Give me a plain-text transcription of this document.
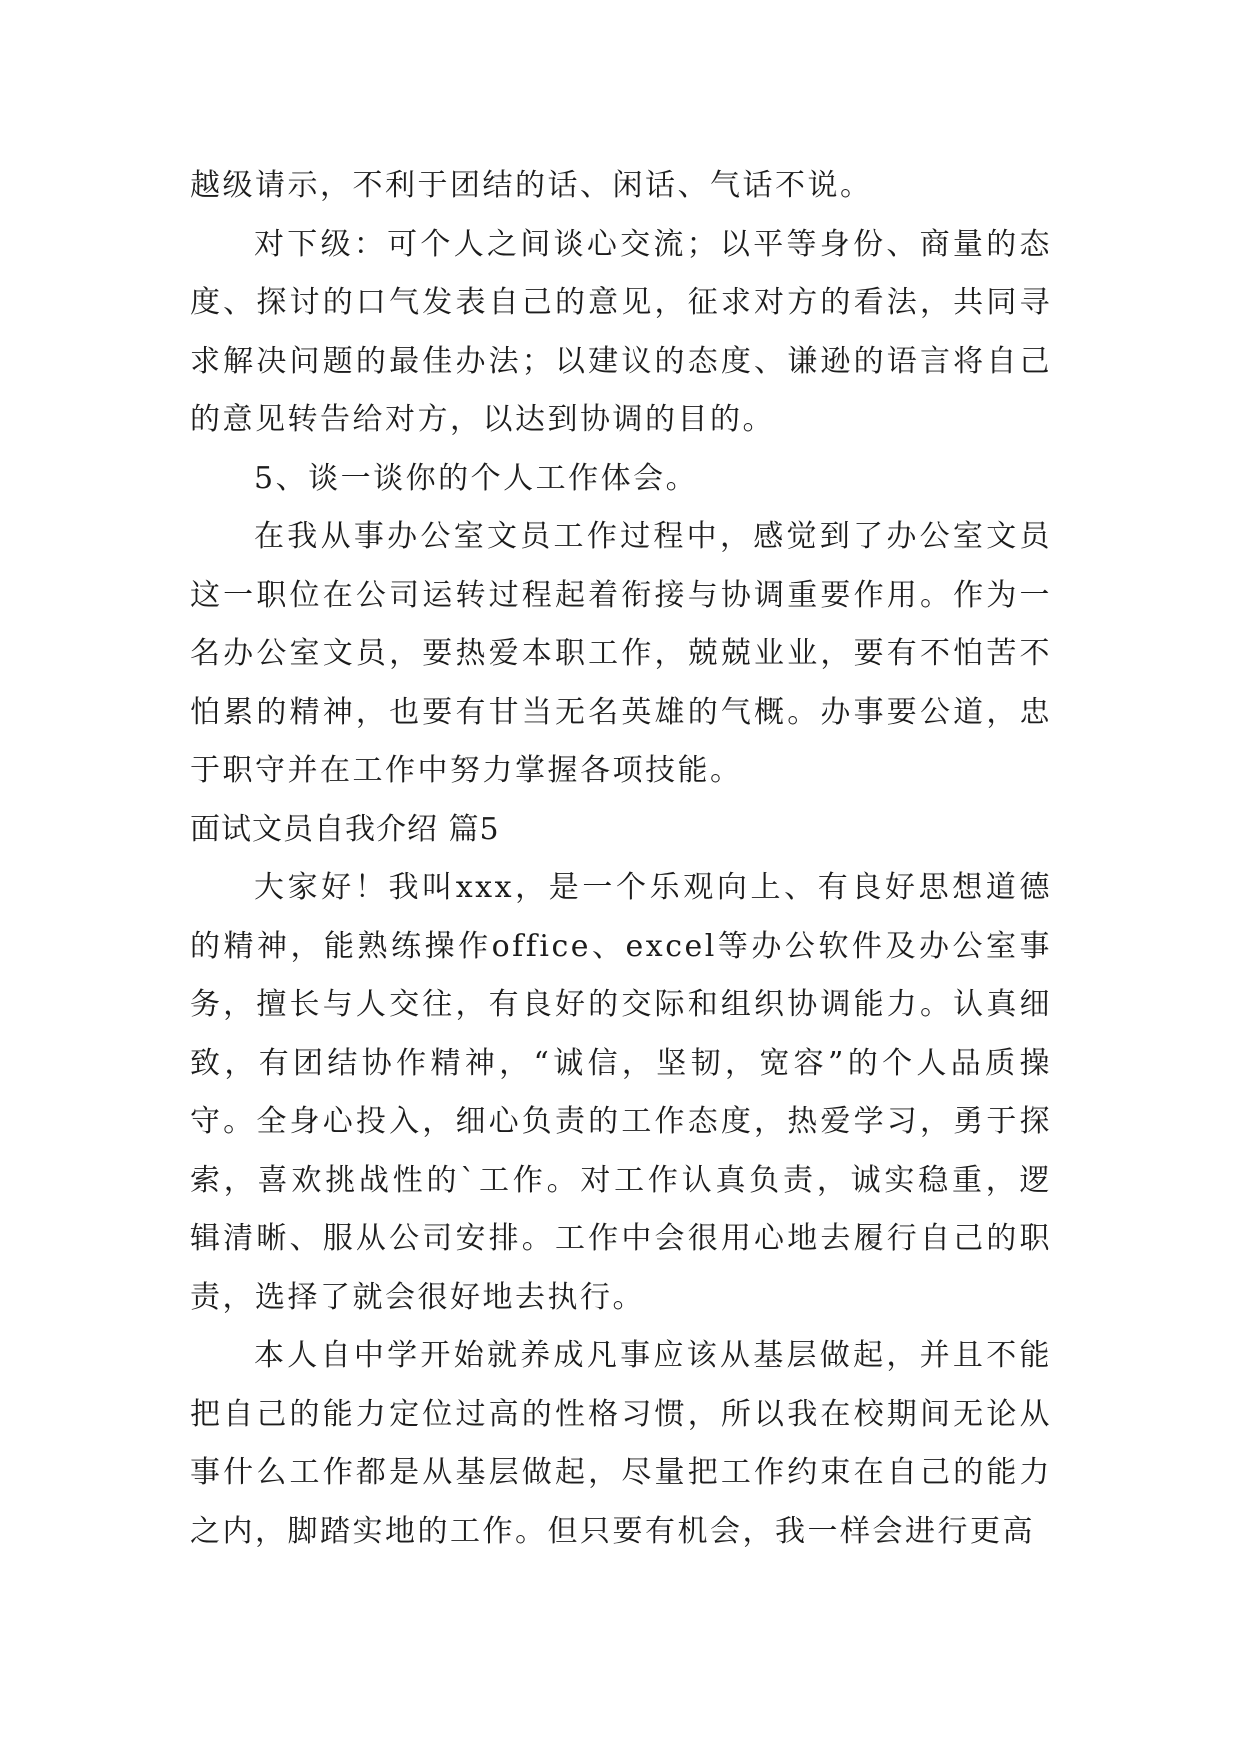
越级请示，不利于团结的话、闲话、气话不说。

对下级：可个人之间谈心交流；以平等身份、商量的态度、探讨的口气发表自己的意见，征求对方的看法，共同寻求解决问题的最佳办法；以建议的态度、谦逊的语言将自己的意见转告给对方，以达到协调的目的。

5、谈一谈你的个人工作体会。

在我从事办公室文员工作过程中，感觉到了办公室文员这一职位在公司运转过程起着衔接与协调重要作用。作为一名办公室文员，要热爱本职工作，兢兢业业，要有不怕苦不怕累的精神，也要有甘当无名英雄的气概。办事要公道，忠于职守并在工作中努力掌握各项技能。

面试文员自我介绍 篇5

大家好！我叫xxx，是一个乐观向上、有良好思想道德的精神，能熟练操作office、excel等办公软件及办公室事务，擅长与人交往，有良好的交际和组织协调能力。认真细致，有团结协作精神，“诚信，坚韧，宽容”的个人品质操守。全身心投入，细心负责的工作态度，热爱学习，勇于探索，喜欢挑战性的`工作。对工作认真负责，诚实稳重，逻辑清晰、服从公司安排。工作中会很用心地去履行自己的职责，选择了就会很好地去执行。

本人自中学开始就养成凡事应该从基层做起，并且不能把自己的能力定位过高的性格习惯，所以我在校期间无论从事什么工作都是从基层做起，尽量把工作约束在自己的能力之内，脚踏实地的工作。但只要有机会，我一样会进行更高
